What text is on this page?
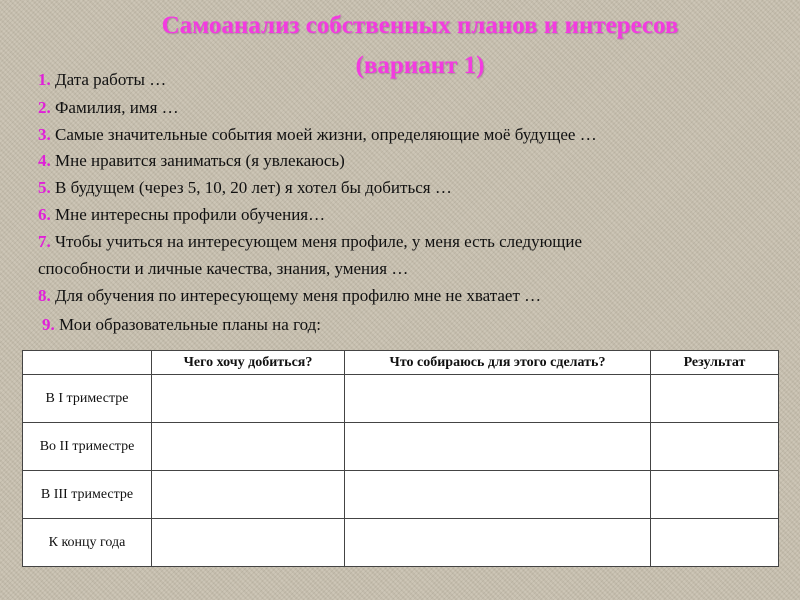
Самоанализ собственных планов и интересов
(вариант 1)
1. Дата работы …
2. Фамилия, имя …
3. Самые значительные события моей жизни, определяющие моё будущее …
4. Мне нравится заниматься (я увлекаюсь)
5. В будущем (через 5, 10, 20 лет) я хотел бы добиться …
6. Мне интересны профили обучения…
7. Чтобы учиться на интересующем меня профиле, у меня есть следующие
способности и личные качества, знания, умения …
8. Для обучения по интересующему меня профилю мне не хватает …
9. Мои образовательные планы на год:
	Чего хочу добиться?	Что собираюсь для этого сделать?	Результат
В I триместре			
Во II триместре			
В III триместре			
К концу года			
